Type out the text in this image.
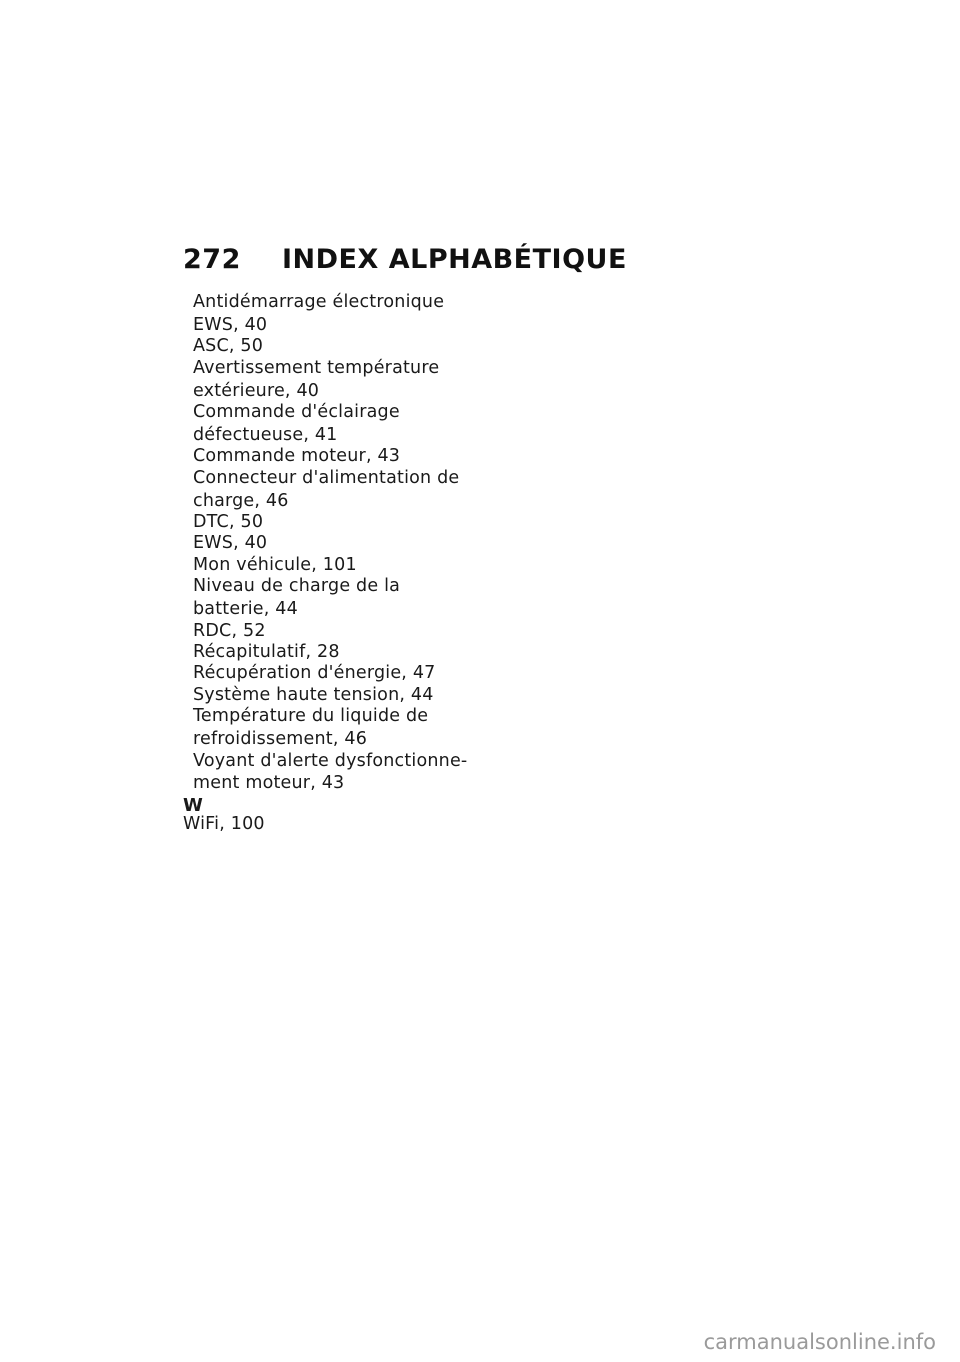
272	INDEX ALPHABÉTIQUE
Antidémarrage électronique
EWS, 40
ASC, 50
Avertissement température
extérieure, 40
Commande d'éclairage
défectueuse, 41
Commande moteur, 43
Connecteur d'alimentation de
charge, 46
DTC, 50
EWS, 40
Mon véhicule, 101
Niveau de charge de la
batterie, 44
RDC, 52
Récapitulatif, 28
Récupération d'énergie, 47
Système haute tension, 44
Température du liquide de
refroidissement, 46
Voyant d'alerte dysfonctionne-
ment moteur, 43
W
WiFi, 100
carmanualsonline.info
